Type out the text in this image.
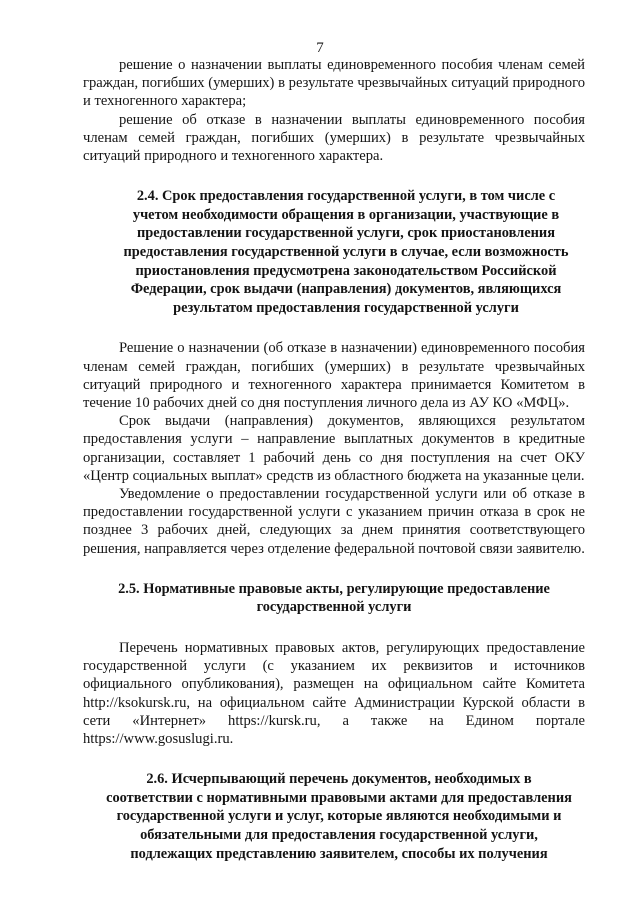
7

решение о назначении выплаты единовременного пособия членам семей граждан, погибших (умерших) в результате чрезвычайных ситуаций природного и техногенного характера;

решение об отказе в назначении выплаты единовременного пособия членам семей граждан, погибших (умерших) в результате чрезвычайных ситуаций природного и техногенного характера.

2.4. Срок предоставления государственной услуги, в том числе с учетом необходимости обращения в организации, участвующие в предоставлении государственной услуги, срок приостановления предоставления государственной услуги в случае, если возможность приостановления предусмотрена законодательством Российской Федерации, срок выдачи (направления) документов, являющихся результатом предоставления государственной услуги

Решение о назначении (об отказе в назначении) единовременного пособия членам семей граждан, погибших (умерших) в результате чрезвычайных ситуаций природного и техногенного характера принимается Комитетом в течение 10 рабочих дней со дня поступления личного дела из АУ КО «МФЦ».

Срок выдачи (направления) документов, являющихся результатом предоставления услуги – направление выплатных документов в кредитные организации, составляет 1 рабочий день со дня поступления на счет ОКУ «Центр социальных выплат» средств из областного бюджета на указанные цели.

Уведомление о предоставлении государственной услуги или об отказе в предоставлении государственной услуги с указанием причин отказа в срок не позднее 3 рабочих дней, следующих за днем принятия соответствующего решения, направляется через отделение федеральной почтовой связи заявителю.

2.5. Нормативные правовые акты, регулирующие предоставление государственной услуги

Перечень нормативных правовых актов, регулирующих предоставление государственной услуги (с указанием их реквизитов и источников официального опубликования), размещен на официальном сайте Комитета http://ksokursk.ru, на официальном сайте Администрации Курской области в сети «Интернет» https://kursk.ru, а также на Едином портале https://www.gosuslugi.ru.

2.6. Исчерпывающий перечень документов, необходимых в соответствии с нормативными правовыми актами для предоставления государственной услуги и услуг, которые являются необходимыми и обязательными для предоставления государственной услуги, подлежащих представлению заявителем, способы их получения
